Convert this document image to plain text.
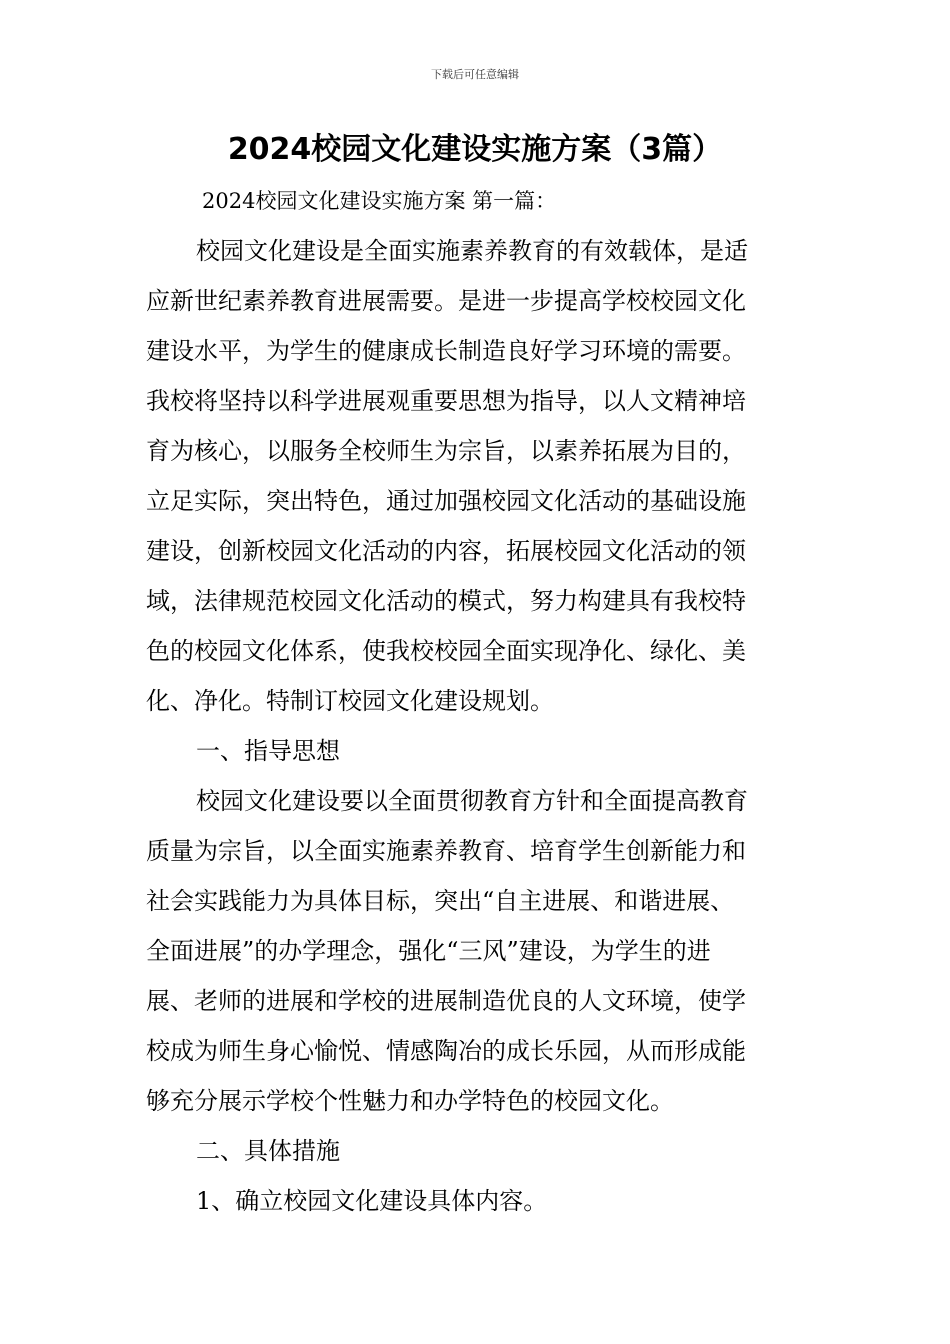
下载后可任意编辑
2024校园文化建设实施方案（3篇）
2024校园文化建设实施方案 第一篇：
校园文化建设是全面实施素养教育的有效载体，是适
应新世纪素养教育进展需要。是进一步提高学校校园文化
建设水平，为学生的健康成长制造良好学习环境的需要。
我校将坚持以科学进展观重要思想为指导，以人文精神培
育为核心，以服务全校师生为宗旨，以素养拓展为目的，
立足实际，突出特色，通过加强校园文化活动的基础设施
建设，创新校园文化活动的内容，拓展校园文化活动的领
域，法律规范校园文化活动的模式，努力构建具有我校特
色的校园文化体系，使我校校园全面实现净化、绿化、美
化、净化。特制订校园文化建设规划。
一、指导思想
校园文化建设要以全面贯彻教育方针和全面提高教育
质量为宗旨，以全面实施素养教育、培育学生创新能力和
社会实践能力为具体目标，突出“自主进展、和谐进展、
全面进展”的办学理念，强化“三风”建设，为学生的进
展、老师的进展和学校的进展制造优良的人文环境，使学
校成为师生身心愉悦、情感陶冶的成长乐园，从而形成能
够充分展示学校个性魅力和办学特色的校园文化。
二、具体措施
1、确立校园文化建设具体内容。
